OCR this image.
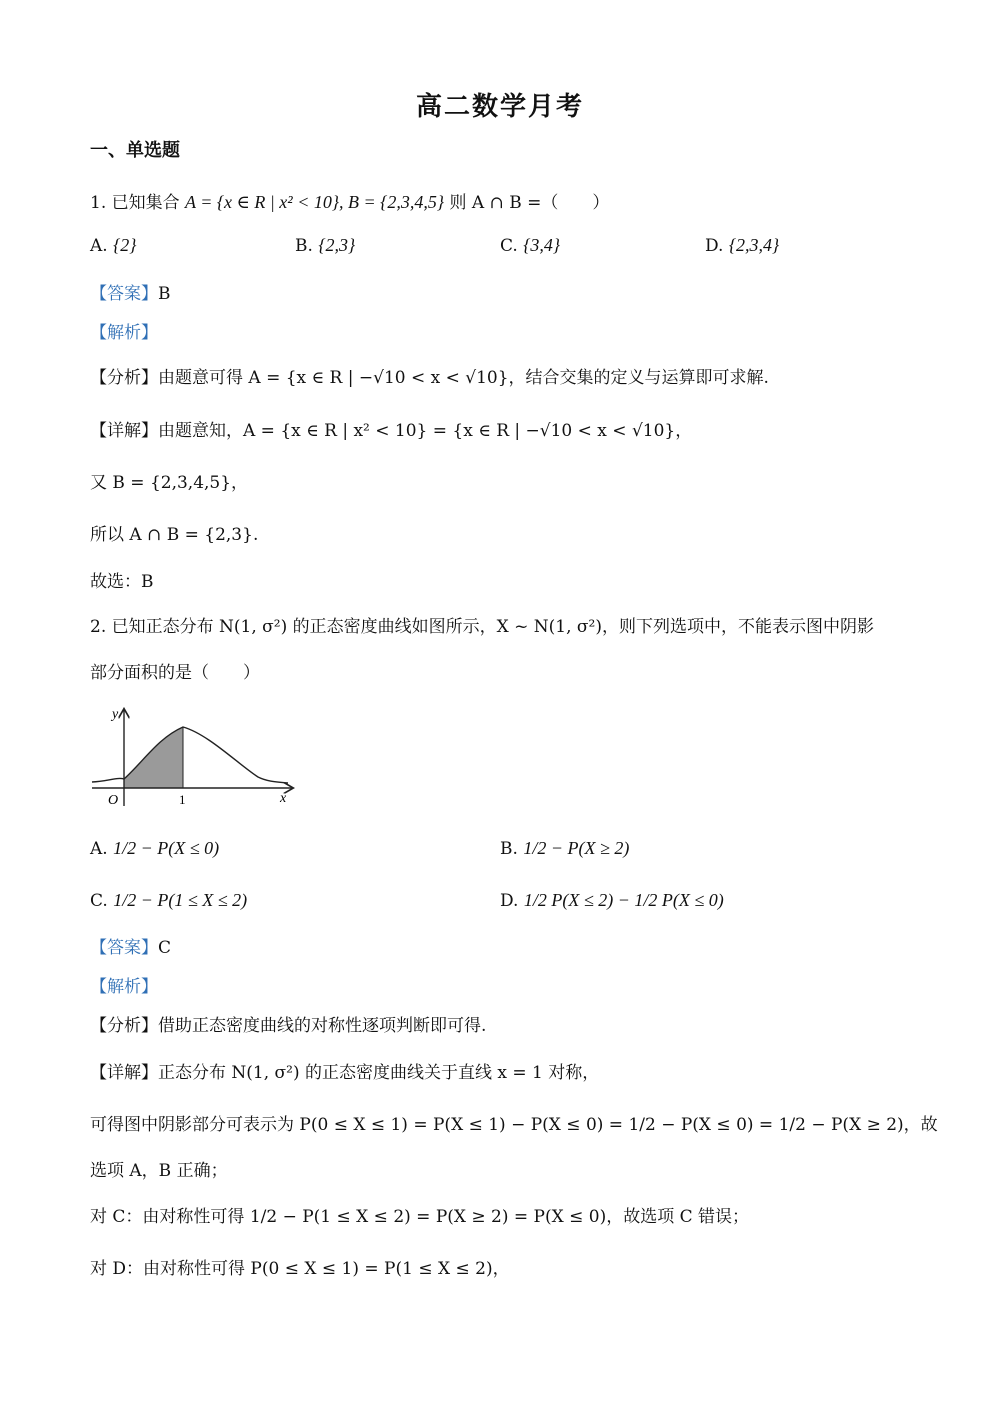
高二数学月考
一、单选题
1. 已知集合 A = {x ∈ R | x² < 10}, B = {2,3,4,5} 则 A ∩ B =（　　）
A. {2}	B. {2,3}	C. {3,4}	D. {2,3,4}
【答案】B
【解析】
【分析】由题意可得 A = {x ∈ R | −√10 < x < √10}，结合交集的定义与运算即可求解.
【详解】由题意知，A = {x ∈ R | x² < 10} = {x ∈ R | −√10 < x < √10}，
又 B = {2,3,4,5}，
所以 A ∩ B = {2,3}.
故选：B
2. 已知正态分布 N(1, σ²) 的正态密度曲线如图所示，X ~ N(1, σ²)，则下列选项中，不能表示图中阴影
部分面积的是（　　）
y
x
O	1
A. 1/2 − P(X ≤ 0)	B. 1/2 − P(X ≥ 2)
C. 1/2 − P(1 ≤ X ≤ 2)	D. 1/2 P(X ≤ 2) − 1/2 P(X ≤ 0)
【答案】C
【解析】
【分析】借助正态密度曲线的对称性逐项判断即可得.
【详解】正态分布 N(1, σ²) 的正态密度曲线关于直线 x = 1 对称，
可得图中阴影部分可表示为 P(0 ≤ X ≤ 1) = P(X ≤ 1) − P(X ≤ 0) = 1/2 − P(X ≤ 0) = 1/2 − P(X ≥ 2)，故
选项 A，B 正确；
对 C：由对称性可得 1/2 − P(1 ≤ X ≤ 2) = P(X ≥ 2) = P(X ≤ 0)，故选项 C 错误；
对 D：由对称性可得 P(0 ≤ X ≤ 1) = P(1 ≤ X ≤ 2)，
